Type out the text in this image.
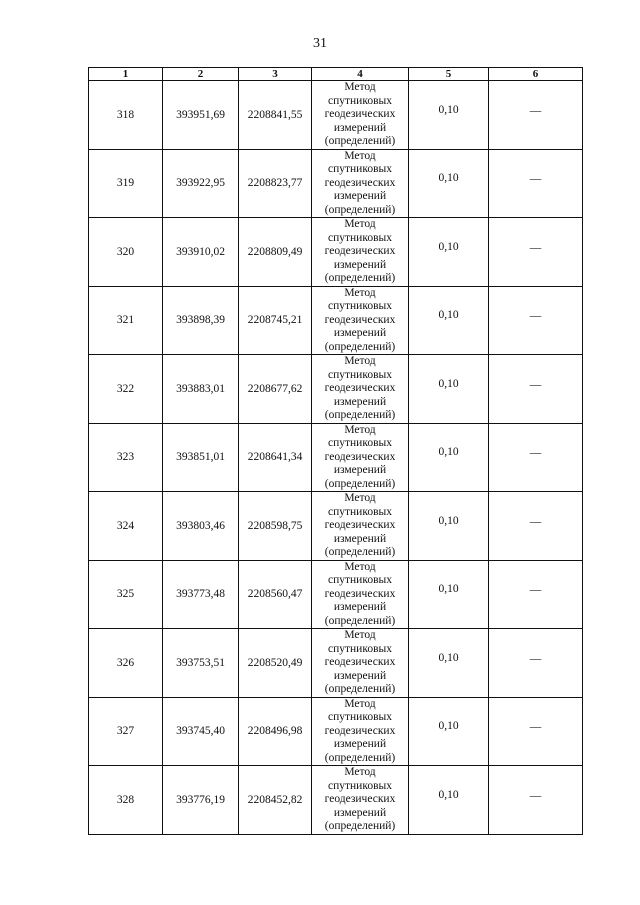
31
1	2	3	4	5	6
318	393951,69	2208841,55	Метод
спутниковых
геодезических
измерений
(определений)	0,10	—
319	393922,95	2208823,77	Метод
спутниковых
геодезических
измерений
(определений)	0,10	—
320	393910,02	2208809,49	Метод
спутниковых
геодезических
измерений
(определений)	0,10	—
321	393898,39	2208745,21	Метод
спутниковых
геодезических
измерений
(определений)	0,10	—
322	393883,01	2208677,62	Метод
спутниковых
геодезических
измерений
(определений)	0,10	—
323	393851,01	2208641,34	Метод
спутниковых
геодезических
измерений
(определений)	0,10	—
324	393803,46	2208598,75	Метод
спутниковых
геодезических
измерений
(определений)	0,10	—
325	393773,48	2208560,47	Метод
спутниковых
геодезических
измерений
(определений)	0,10	—
326	393753,51	2208520,49	Метод
спутниковых
геодезических
измерений
(определений)	0,10	—
327	393745,40	2208496,98	Метод
спутниковых
геодезических
измерений
(определений)	0,10	—
328	393776,19	2208452,82	Метод
спутниковых
геодезических
измерений
(определений)	0,10	—
